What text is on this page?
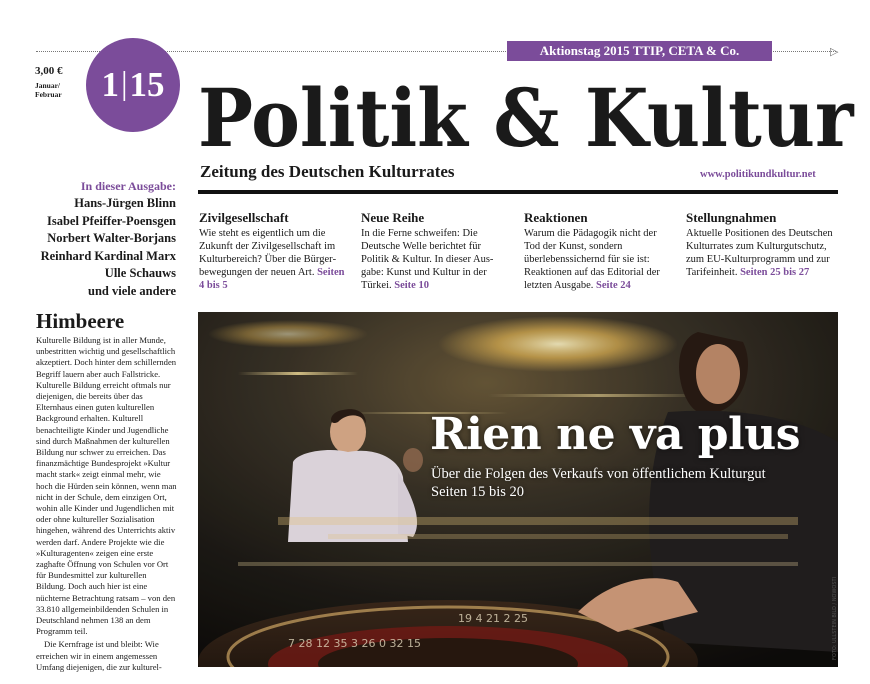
▷
Aktionstag 2015 TTIP, CETA & Co.
3,00 €
Januar/ Februar	1|15 Politik & Kultur
Zeitung des Deutschen Kulturrates	www.politikundkultur.net
In dieser Ausgabe:
Hans-Jürgen Blinn
Isabel Pfeiffer-Poensgen
Norbert Walter-Borjans
Reinhard Kardinal Marx
Ulle Schauws
und viele andere
Zivilgesellschaft
Wie steht es eigentlich um die Zukunft der Zivilgesellschaft im Kulturbereich? Über die Bürgerbewegungen der neuen Art. Seiten 4 bis 5
Neue Reihe
In die Ferne schweifen: Die Deutsche Welle berichtet für Politik & Kultur. In dieser Ausgabe: Kunst und Kultur in der Türkei. Seite 10
Reaktionen
Warum die Pädagogik nicht der Tod der Kunst, sondern überlebenssichernd für sie ist: Reaktionen auf das Editorial der letzten Ausgabe. Seite 24
Stellungnahmen
Aktuelle Positionen des Deutschen Kulturrates zum Kulturgutschutz, zum EU-Kulturprogramm und zur Tarifeinheit. Seiten 25 bis 27
Himbeere

Kulturelle Bildung ist in aller Munde, unbestritten wichtig und gesellschaftlich akzeptiert. Doch hinter dem schillernden Begriff lauern aber auch Fallstricke. Kulturelle Bildung erreicht oftmals nur diejenigen, die bereits über das Elternhaus einen guten kulturellen Background erhalten. Kulturell benachteiligte Kinder und Jugendliche sind durch Maßnahmen der kulturellen Bildung nur schwer zu erreichen. Das finanzmächtige Bundesprojekt »Kultur macht stark« zeigt einmal mehr, wie hoch die Hürden sein können, wenn man nicht in der Schule, dem einzigen Ort, wohin alle Kinder und Jugendlichen mit oder ohne kultureller Sozialisation hingehen, während des Unterrichts aktiv werden darf. Andere Projekte wie die »Kulturagenten« zeigen eine erste zaghafte Öffnung von Schulen vor Ort für Bundesmittel zur kulturellen Bildung. Doch auch hier ist eine nüchterne Betrachtung ratsam – von den 33.810 allgemeinbildenden Schulen in Deutschland nehmen 138 an dem Programm teil.

Die Kernfrage ist und bleibt: Wie erreichen wir in einem angemessen Umfang diejenigen, die zur kulturel-

7 28 12 35 3 26 0 32 15
19 4 21 2 25
Rien ne va plus
Über die Folgen des Verkaufs von öffentlichem Kulturgut
Seiten 15 bis 20
FOTO: ULLSTEIN BILD / NOWOSTI
